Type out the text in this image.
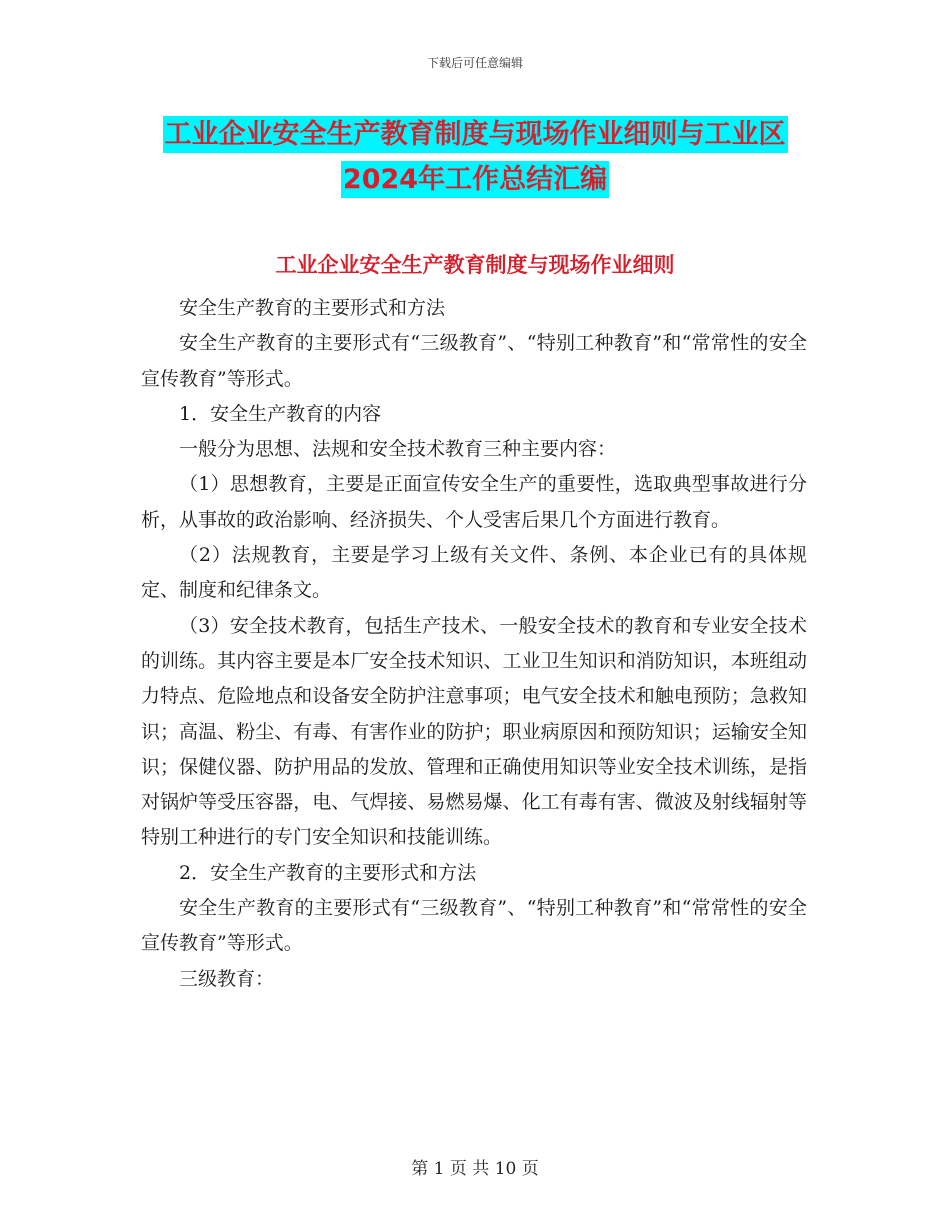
下载后可任意编辑
工业企业安全生产教育制度与现场作业细则与工业区
2024年工作总结汇编
工业企业安全生产教育制度与现场作业细则

安全生产教育的主要形式和方法

安全生产教育的主要形式有“三级教育”、“特别工种教育”和“常常性的安全宣传教育”等形式。

1．安全生产教育的内容

一般分为思想、法规和安全技术教育三种主要内容：

（1）思想教育，主要是正面宣传安全生产的重要性，选取典型事故进行分析，从事故的政治影响、经济损失、个人受害后果几个方面进行教育。

（2）法规教育，主要是学习上级有关文件、条例、本企业已有的具体规定、制度和纪律条文。

（3）安全技术教育，包括生产技术、一般安全技术的教育和专业安全技术的训练。其内容主要是本厂安全技术知识、工业卫生知识和消防知识，本班组动力特点、危险地点和设备安全防护注意事项；电气安全技术和触电预防；急救知识；高温、粉尘、有毒、有害作业的防护；职业病原因和预防知识；运输安全知识；保健仪器、防护用品的发放、管理和正确使用知识等业安全技术训练，是指对锅炉等受压容器，电、气焊接、易燃易爆、化工有毒有害、微波及射线辐射等特别工种进行的专门安全知识和技能训练。

2．安全生产教育的主要形式和方法

安全生产教育的主要形式有“三级教育”、“特别工种教育”和“常常性的安全宣传教育”等形式。

三级教育：

第 1 页 共 10 页
